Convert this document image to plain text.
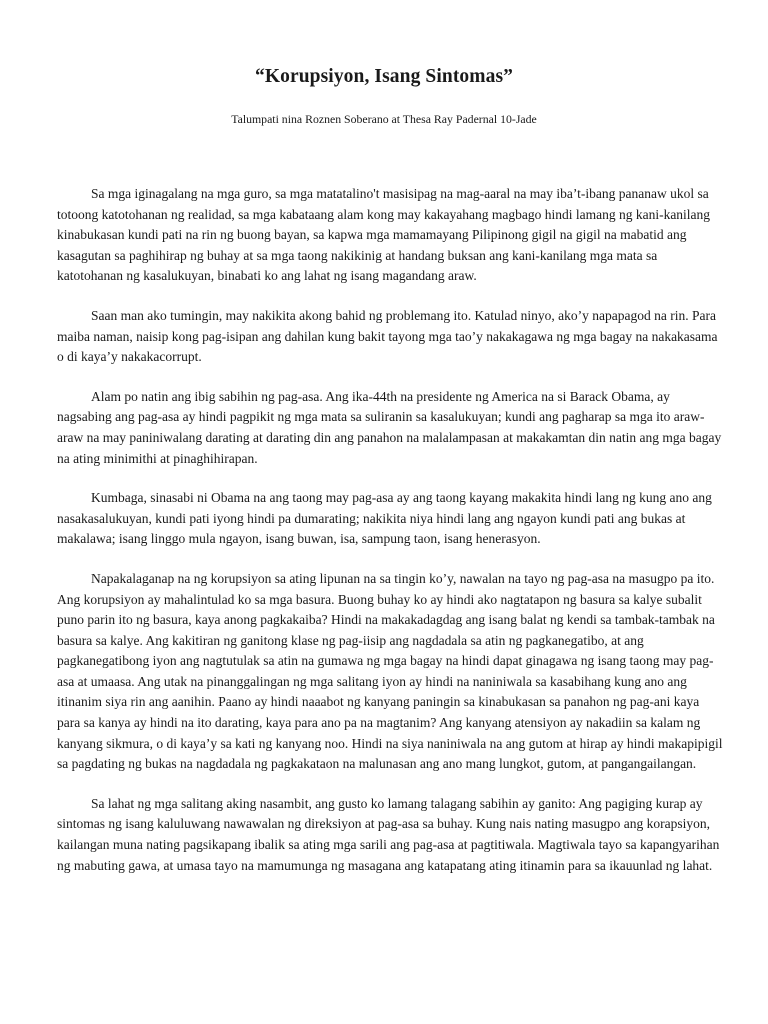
“Korupsiyon, Isang Sintomas”

Talumpati nina Roznen Soberano at Thesa Ray Padernal 10-Jade

Sa mga iginagalang na mga guro, sa mga matatalino't masisipag na mag-aaral na may iba’t-ibang pananaw ukol sa totoong katotohanan ng realidad, sa mga kabataang alam kong may kakayahang magbago hindi lamang ng kani-kanilang kinabukasan kundi pati na rin ng buong bayan, sa kapwa mga mamamayang Pilipinong gigil na gigil na mabatid ang kasagutan sa paghihirap ng buhay at sa mga taong nakikinig at handang buksan ang kani-kanilang mga mata sa katotohanan ng kasalukuyan, binabati ko ang lahat ng isang magandang araw.

Saan man ako tumingin, may nakikita akong bahid ng problemang ito. Katulad ninyo, ako’y napapagod na rin. Para maiba naman, naisip kong pag-isipan ang dahilan kung bakit tayong mga tao’y nakakagawa ng mga bagay na nakakasama o di kaya’y nakakacorrupt.

Alam po natin ang ibig sabihin ng pag-asa. Ang ika-44th na presidente ng America na si Barack Obama, ay nagsabing ang pag-asa ay hindi pagpikit ng mga mata sa suliranin sa kasalukuyan; kundi ang pagharap sa mga ito araw-araw na may paniniwalang darating at darating din ang panahon na malalampasan at makakamtan din natin ang mga bagay na ating minimithi at pinaghihirapan.

Kumbaga, sinasabi ni Obama na ang taong may pag-asa ay ang taong kayang makakita hindi lang ng kung ano ang nasakasalukuyan, kundi pati iyong hindi pa dumarating; nakikita niya hindi lang ang ngayon kundi pati ang bukas at makalawa; isang linggo mula ngayon, isang buwan, isa, sampung taon, isang henerasyon.

Napakalaganap na ng korupsiyon sa ating lipunan na sa tingin ko’y, nawalan na tayo ng pag-asa na masugpo pa ito. Ang korupsiyon ay mahalintulad ko sa mga basura. Buong buhay ko ay hindi ako nagtatapon ng basura sa kalye subalit puno parin ito ng basura, kaya anong pagkakaiba? Hindi na makakadagdag ang isang balat ng kendi sa tambak-tambak na basura sa kalye. Ang kakitiran ng ganitong klase ng pag-iisip ang nagdadala sa atin ng pagkanegatibo, at ang pagkanegatibong iyon ang nagtutulak sa atin na gumawa ng mga bagay na hindi dapat ginagawa ng isang taong may pag-asa at umaasa. Ang utak na pinanggalingan ng mga salitang iyon ay hindi na naniniwala sa kasabihang kung ano ang itinanim siya rin ang aanihin. Paano ay hindi naaabot ng kanyang paningin sa kinabukasan sa panahon ng pag-ani kaya para sa kanya ay hindi na ito darating, kaya para ano pa na magtanim? Ang kanyang atensiyon ay nakadiin sa kalam ng kanyang sikmura, o di kaya’y sa kati ng kanyang noo. Hindi na siya naniniwala na ang gutom at hirap ay hindi makapipigil sa pagdating ng bukas na nagdadala ng pagkakataon na malunasan ang ano mang lungkot, gutom, at pangangailangan.

Sa lahat ng mga salitang aking nasambit, ang gusto ko lamang talagang sabihin ay ganito: Ang pagiging kurap ay sintomas ng isang kaluluwang nawawalan ng direksiyon at pag-asa sa buhay. Kung nais nating masugpo ang korapsiyon, kailangan muna nating pagsikapang ibalik sa ating mga sarili ang pag-asa at pagtitiwala. Magtiwala tayo sa kapangyarihan ng mabuting gawa, at umasa tayo na mamumunga ng masagana ang katapatang ating itinamin para sa ikauunlad ng lahat.
